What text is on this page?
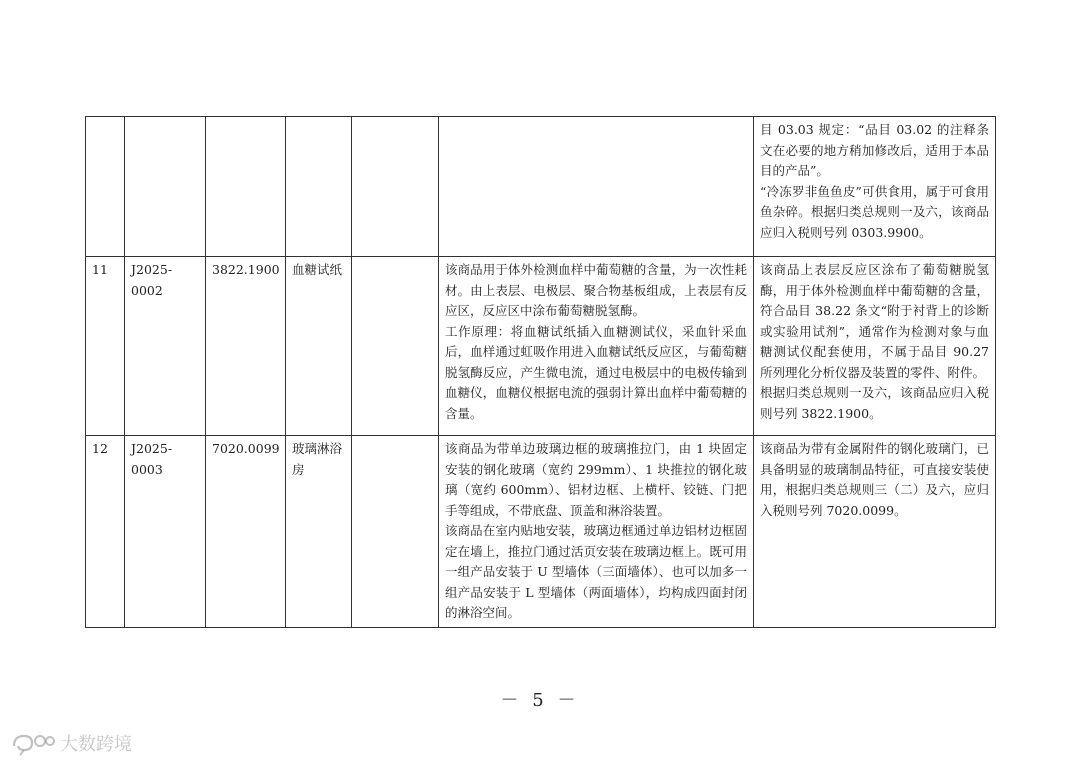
						目 03.03 规定：“品目 03.02 的注释条文在必要的地方稍加修改后，适用于本品目的产品”。
“冷冻罗非鱼鱼皮”可供食用，属于可食用鱼杂碎。根据归类总规则一及六，该商品应归入税则号列 0303.9900。

11	J2025-0002	3822.1900	血糖试纸		该商品用于体外检测血样中葡萄糖的含量，为一次性耗材。由上表层、电极层、聚合物基板组成，上表层有反应区，反应区中涂布葡萄糖脱氢酶。
工作原理：将血糖试纸插入血糖测试仪，采血针采血后，血样通过虹吸作用进入血糖试纸反应区，与葡萄糖脱氢酶反应，产生微电流，通过电极层中的电极传输到血糖仪，血糖仪根据电流的强弱计算出血样中葡萄糖的含量。	该商品上表层反应区涂布了葡萄糖脱氢酶，用于体外检测血样中葡萄糖的含量，符合品目 38.22 条文“附于衬背上的诊断或实验用试剂”，通常作为检测对象与血糖测试仪配套使用，不属于品目 90.27 所列理化分析仪器及装置的零件、附件。
根据归类总规则一及六，该商品应归入税则号列 3822.1900。

12	J2025-0003	7020.0099	玻璃淋浴房		该商品为带单边玻璃边框的玻璃推拉门，由 1 块固定安装的钢化玻璃（宽约 299mm）、1 块推拉的钢化玻璃（宽约 600mm）、铝材边框、上横杆、铰链、门把手等组成，不带底盘、顶盖和淋浴装置。
该商品在室内贴地安装，玻璃边框通过单边铝材边框固定在墙上，推拉门通过活页安装在玻璃边框上。既可用一组产品安装于 U 型墙体（三面墙体）、也可以加多一组产品安装于 L 型墙体（两面墙体），均构成四面封闭的淋浴空间。	该商品为带有金属附件的钢化玻璃门，已具备明显的玻璃制品特征，可直接安装使用，根据归类总规则三（二）及六，应归入税则号列 7020.0099。
－ 5 －
大数跨境
